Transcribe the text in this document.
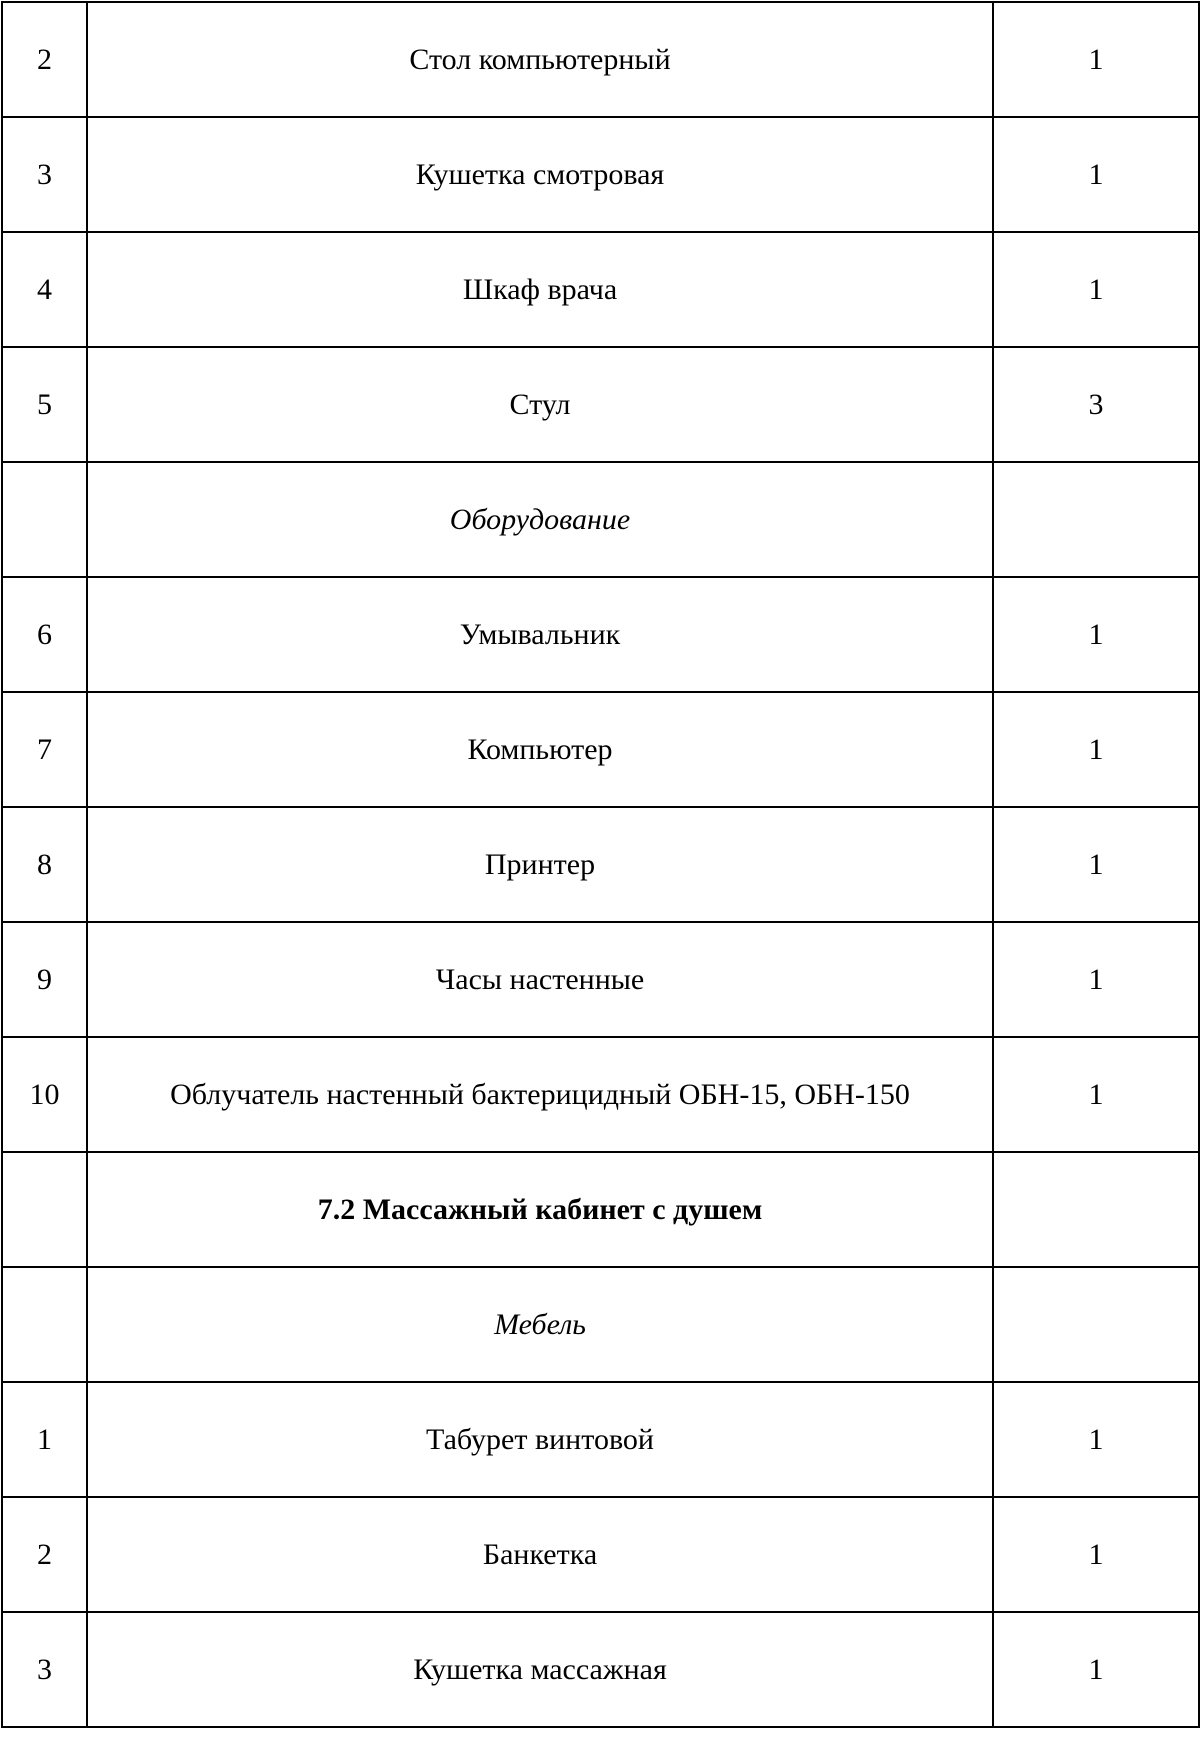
2	Стол компьютерный	1
3	Кушетка смотровая	1
4	Шкаф врача	1
5	Стул	3
	Оборудование	
6	Умывальник	1
7	Компьютер	1
8	Принтер	1
9	Часы настенные	1
10	Облучатель настенный бактерицидный ОБН-15, ОБН-150	1
	7.2 Массажный кабинет с душем	
	Мебель	
1	Табурет винтовой	1
2	Банкетка	1
3	Кушетка массажная	1
